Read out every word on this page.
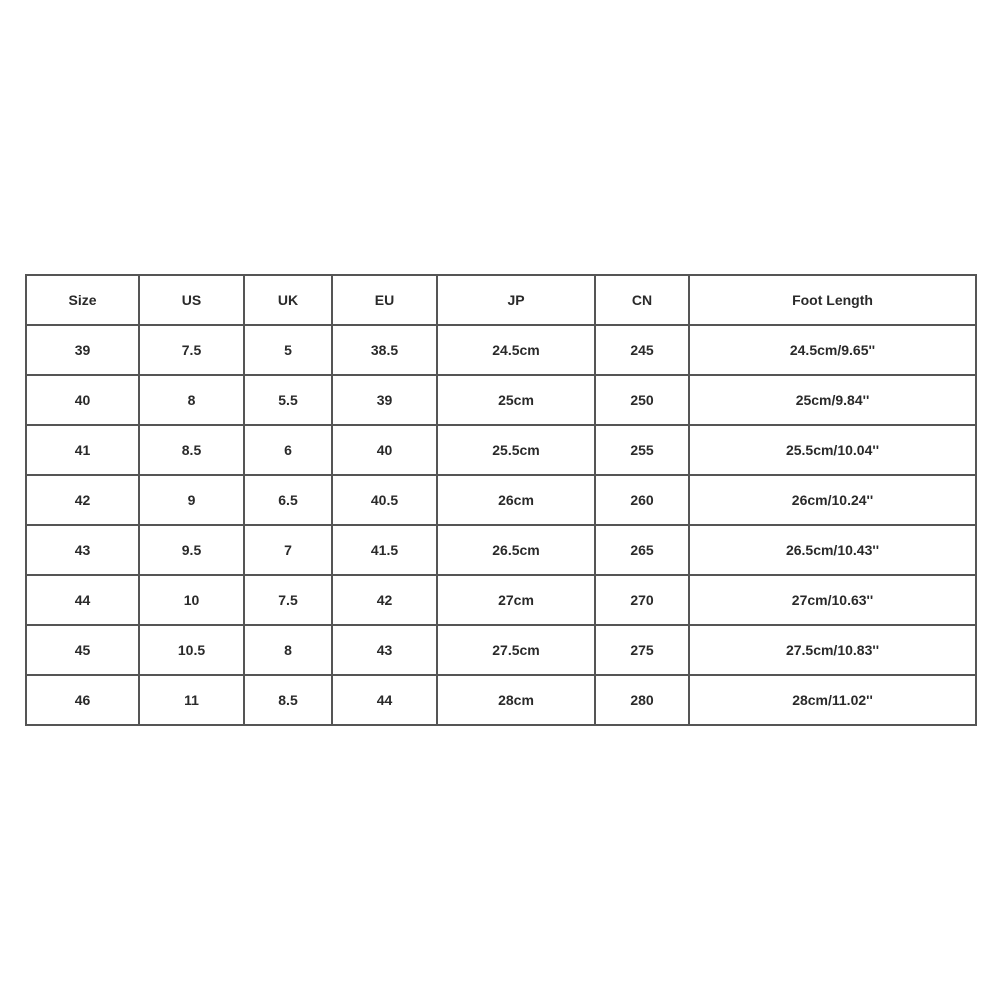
Size	US	UK	EU	JP	CN	Foot Length
39	7.5	5	38.5	24.5cm	245	24.5cm/9.65''
40	8	5.5	39	25cm	250	25cm/9.84''
41	8.5	6	40	25.5cm	255	25.5cm/10.04''
42	9	6.5	40.5	26cm	260	26cm/10.24''
43	9.5	7	41.5	26.5cm	265	26.5cm/10.43''
44	10	7.5	42	27cm	270	27cm/10.63''
45	10.5	8	43	27.5cm	275	27.5cm/10.83''
46	11	8.5	44	28cm	280	28cm/11.02''
